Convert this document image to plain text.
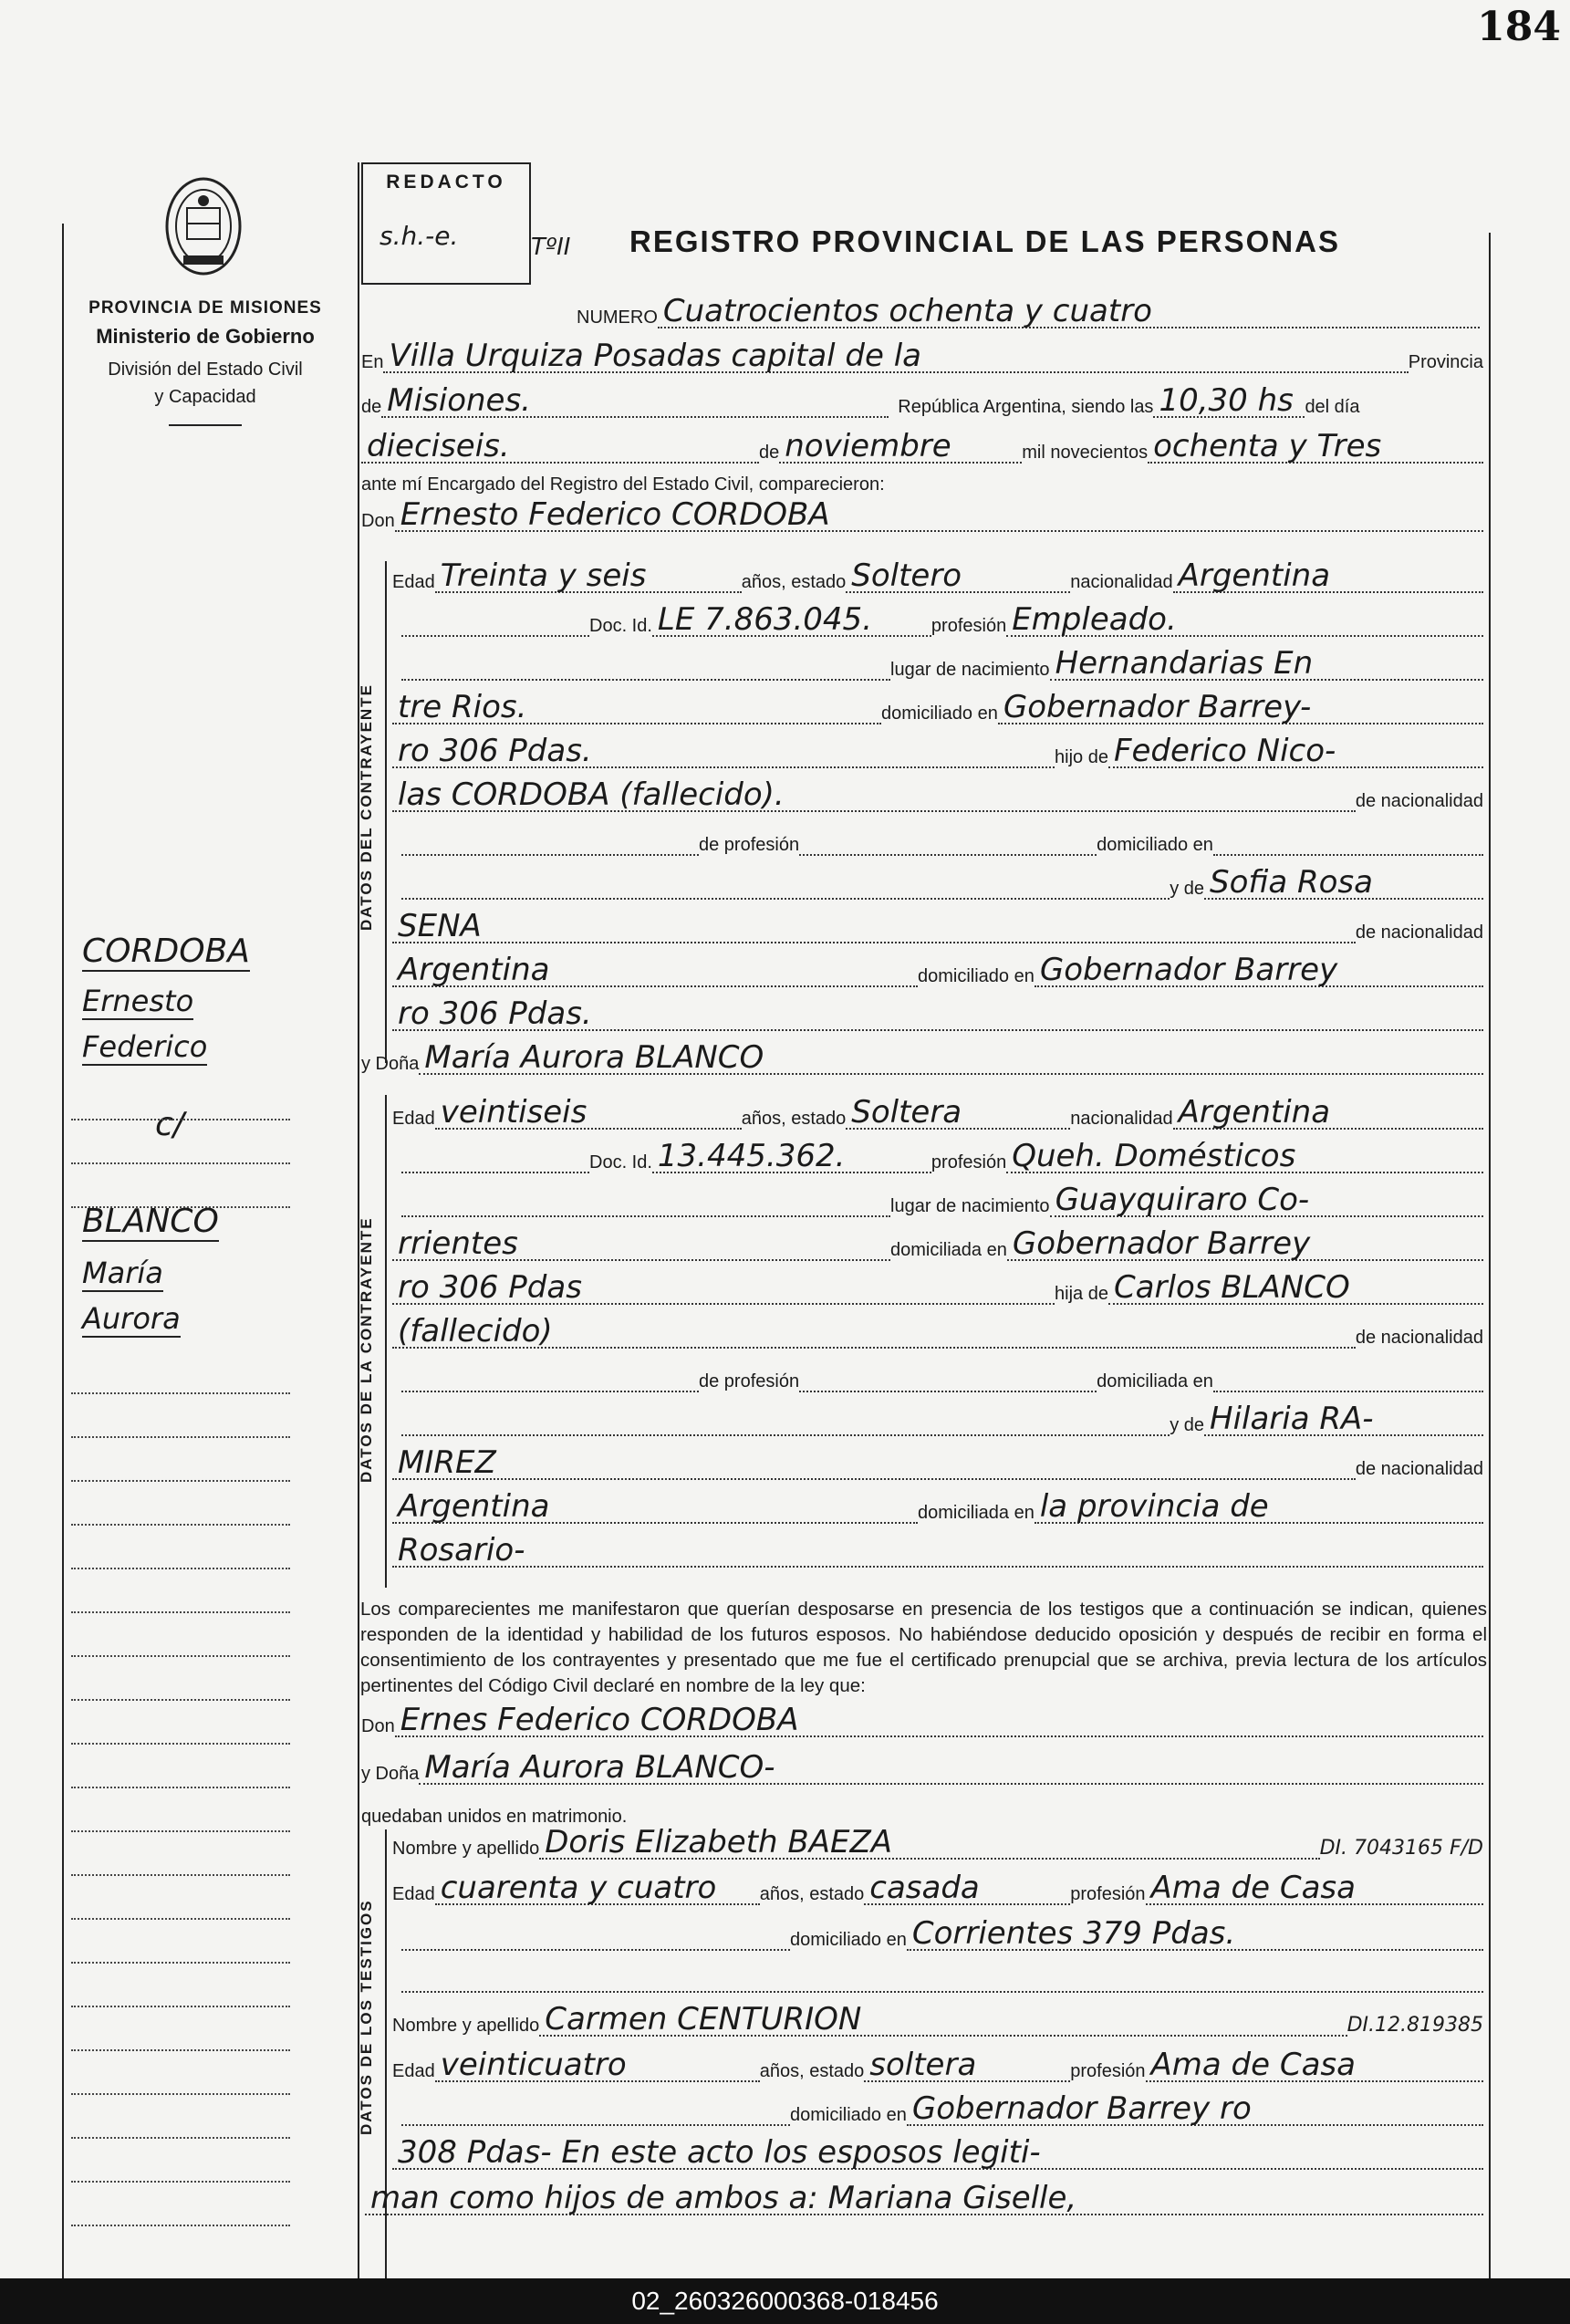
184
PROVINCIA DE MISIONES
Ministerio de Gobierno
División del Estado Civil
y Capacidad
REDACTO
s.h.-e.	TºII REGISTRO PROVINCIAL DE LAS PERSONAS
NUMERO Cuatrocientos ochenta y cuatro
En Villa Urquiza Posadas capital de la	Provincia
de Misiones.	República Argentina, siendo las 10,30 hs del día
dieciseis.	de noviembre	mil novecientos ochenta y Tres
ante mí Encargado del Registro del Estado Civil, comparecieron:
Don Ernesto Federico CORDOBA
DATOS DEL CONTRAYENTE
Edad Treinta y seis	años, estado Soltero	nacionalidad Argentina
Doc. Id. LE 7.863.045.	profesión Empleado.
lugar de nacimiento Hernandarias En
tre Rios.	domiciliado en Gobernador Barrey-
ro 306 Pdas.	hijo de Federico Nico-
las CORDOBA (fallecido).	de nacionalidad
de profesión	domiciliado en
y de Sofia Rosa
SENA	de nacionalidad
Argentina	domiciliado en Gobernador Barrey
ro 306 Pdas.
y Doña María Aurora BLANCO
DATOS DE LA CONTRAYENTE
Edad veintiseis	años, estado Soltera	nacionalidad Argentina
Doc. Id. 13.445.362.	profesión Queh. Domésticos
lugar de nacimiento Guayquiraro Co-
rrientes	domiciliada en Gobernador Barrey
ro 306 Pdas	hija de Carlos BLANCO
(fallecido)	de nacionalidad
de profesión	domiciliada en
y de Hilaria RA-
MIREZ	de nacionalidad
Argentina	domiciliada en la provincia de
Rosario-
CORDOBA
Ernesto
Federico
c/
BLANCO
María
Aurora
Los comparecientes me manifestaron que querían desposarse en presencia de los testigos que a continuación se indican, quienes responden de la identidad y habilidad de los futuros esposos. No habiéndose deducido oposición y después de recibir en forma el consentimiento de los contrayentes y presentado que me fue el certificado prenupcial que se archiva, previa lectura de los artículos pertinentes del Código Civil declaré en nombre de la ley que:
Don Ernes Federico CORDOBA
y Doña María Aurora BLANCO-
quedaban unidos en matrimonio.
DATOS DE LOS TESTIGOS
Nombre y apellido Doris Elizabeth BAEZA	DI. 7043165 F/D
Edad cuarenta y cuatro años, estado casada	profesión Ama de Casa
domiciliado en Corrientes 379 Pdas.
Nombre y apellido Carmen CENTURION	DI.12.819385
Edad veinticuatro	años, estado soltera	profesión Ama de Casa
domiciliado en Gobernador Barrey ro
308 Pdas- En este acto los esposos legiti-
man como hijos de ambos a: Mariana Giselle,
02_260326000368-018456
